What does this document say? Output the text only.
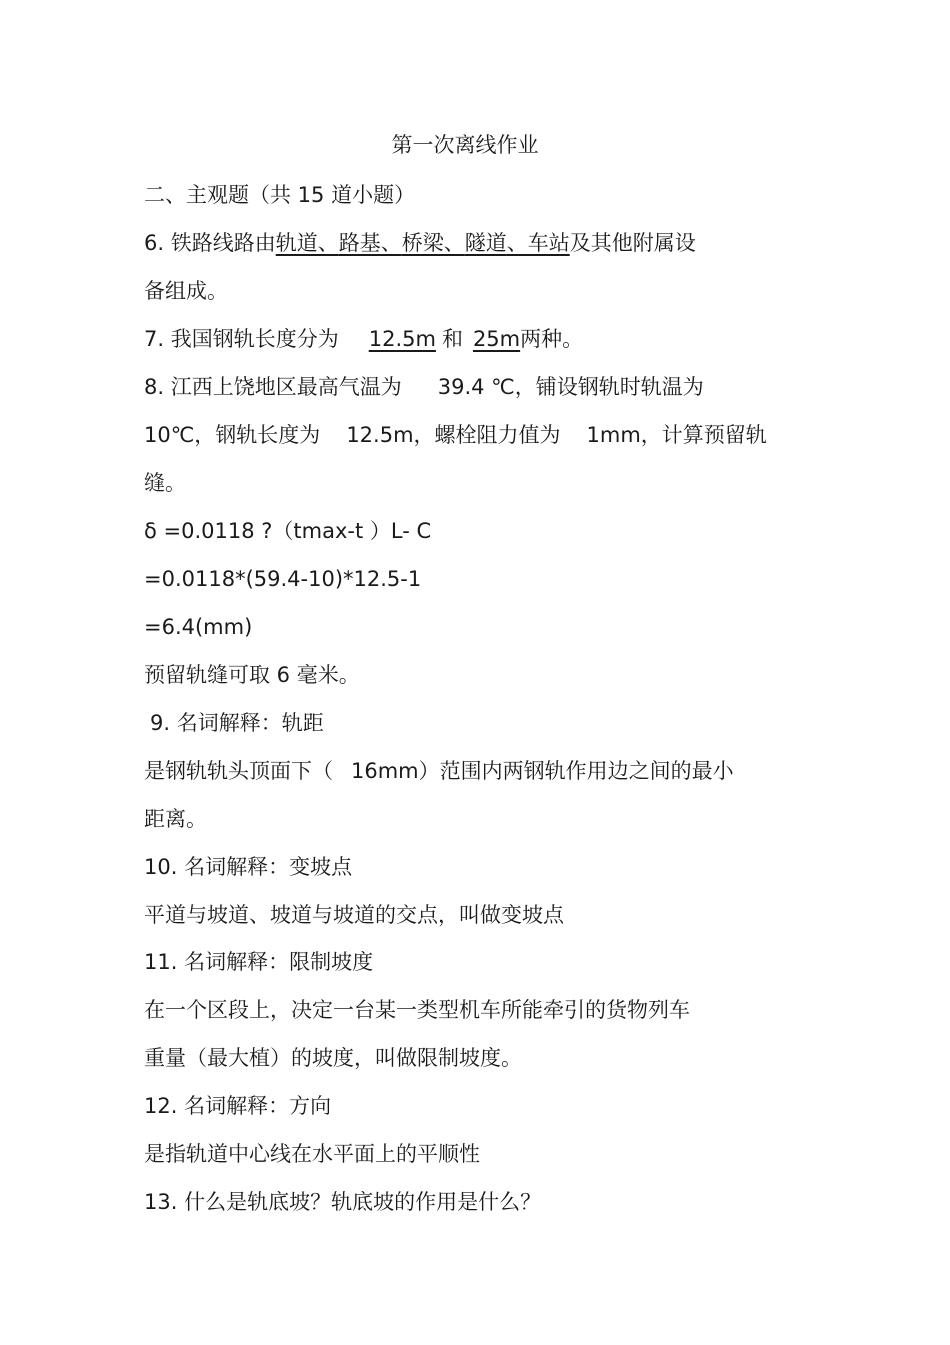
第一次离线作业
二、主观题（共 15 道小题）
6. 铁路线路由轨道、路基、桥梁、隧道、车站及其他附属设
备组成。
7. 我国钢轨长度分为 12.5m 和 25m两种。
8. 江西上饶地区最高气温为 39.4 ℃，铺设钢轨时轨温为
10℃，钢轨长度为 12.5m，螺栓阻力值为 1mm，计算预留轨
缝。
δ =0.0118 ?（tmax-t ）L- C
=0.0118*(59.4-10)*12.5-1
=6.4(mm)
预留轨缝可取 6 毫米。
9. 名词解释：轨距
是钢轨轨头顶面下（ 16mm）范围内两钢轨作用边之间的最小
距离。
10. 名词解释：变坡点
平道与坡道、坡道与坡道的交点，叫做变坡点
11. 名词解释：限制坡度
在一个区段上，决定一台某一类型机车所能牵引的货物列车
重量（最大植）的坡度，叫做限制坡度。
12. 名词解释：方向
是指轨道中心线在水平面上的平顺性
13. 什么是轨底坡？轨底坡的作用是什么？
